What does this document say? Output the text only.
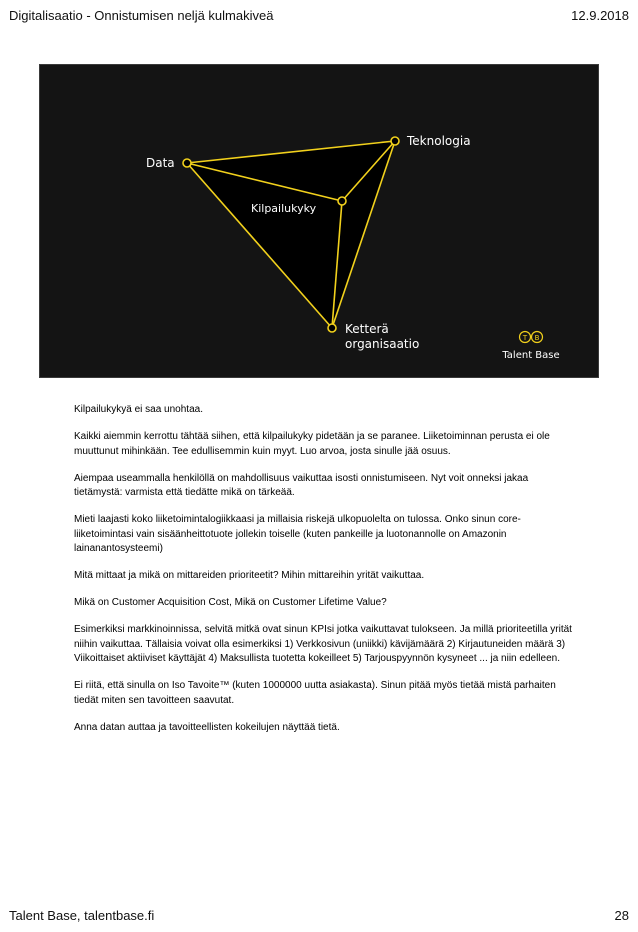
Digitalisaatio - Onnistumisen neljä kulmakiveä	12.9.2018
Data
Teknologia
Kilpailukyky
Ketterä
organisaatio	T B
Talent Base

Kilpailukykyä ei saa unohtaa.

Kaikki aiemmin kerrottu tähtää siihen, että kilpailukyky pidetään ja se paranee. Liiketoiminnan perusta ei ole muuttunut mihinkään. Tee edullisemmin kuin myyt. Luo arvoa, josta sinulle jää osuus.

Aiempaa useammalla henkilöllä on mahdollisuus vaikuttaa isosti onnistumiseen. Nyt voit onneksi jakaa tietämystä: varmista että tiedätte mikä on tärkeää.

Mieti laajasti koko liiketoimintalogiikkaasi ja millaisia riskejä ulkopuolelta on tulossa. Onko sinun core-liiketoimintasi vain sisäänheittotuote jollekin toiselle (kuten pankeille ja luotonannolle on Amazonin lainanantosysteemi)

Mitä mittaat ja mikä on mittareiden prioriteetit? Mihin mittareihin yrität vaikuttaa.

Mikä on Customer Acquisition Cost, Mikä on Customer Lifetime Value?

Esimerkiksi markkinoinnissa, selvitä mitkä ovat sinun KPIsi jotka vaikuttavat tulokseen. Ja millä prioriteetilla yrität niihin vaikuttaa. Tällaisia voivat olla esimerkiksi 1) Verkkosivun (uniikki) kävijämäärä 2) Kirjautuneiden määrä 3) Viikoittaiset aktiiviset käyttäjät 4) Maksullista tuotetta kokeilleet 5) Tarjouspyynnön kysyneet ... ja niin edelleen.

Ei riitä, että sinulla on Iso Tavoite™ (kuten 1000000 uutta asiakasta). Sinun pitää myös tietää mistä parhaiten tiedät miten sen tavoitteen saavutat.

Anna datan auttaa ja tavoitteellisten kokeilujen näyttää tietä.

Talent Base, talentbase.fi	28
